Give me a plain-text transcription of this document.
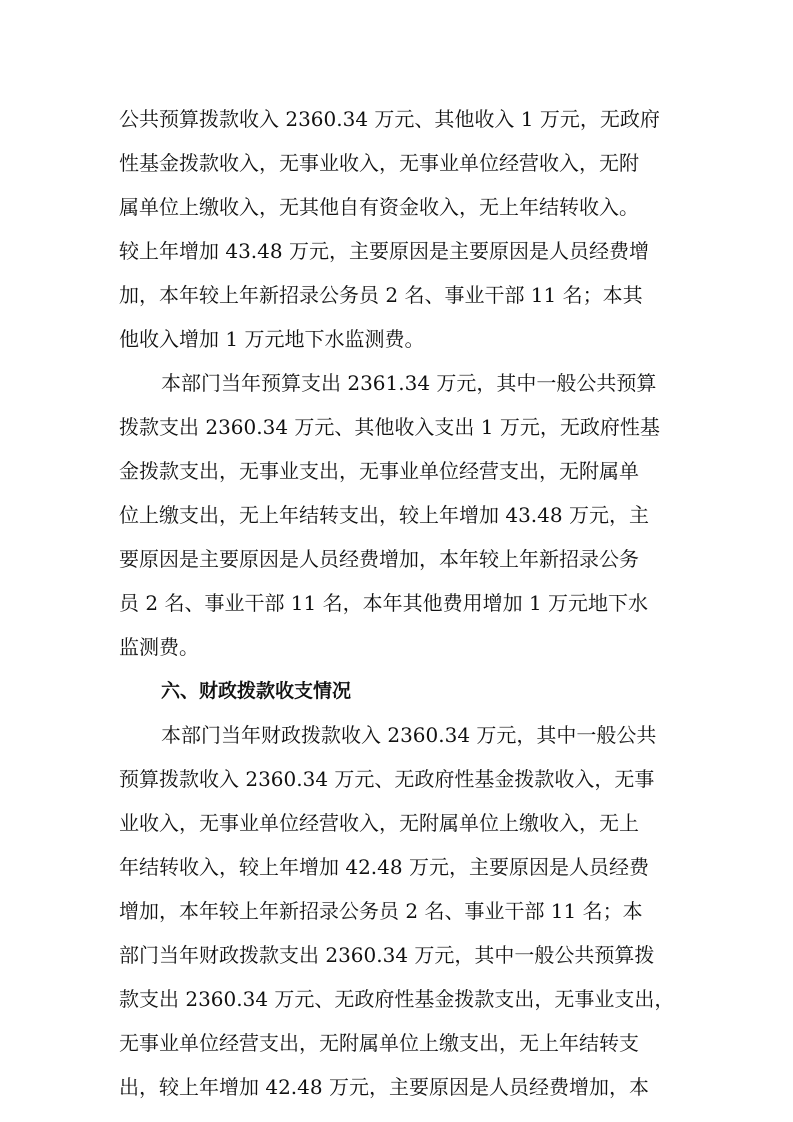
公共预算拨款收入 2360.34 万元、其他收入 1 万元，无政府
性基金拨款收入，无事业收入，无事业单位经营收入，无附
属单位上缴收入，无其他自有资金收入，无上年结转收入。
较上年增加 43.48 万元，主要原因是主要原因是人员经费增
加，本年较上年新招录公务员 2 名、事业干部 11 名；本其
他收入增加 1 万元地下水监测费。
本部门当年预算支出 2361.34 万元，其中一般公共预算
拨款支出 2360.34 万元、其他收入支出 1 万元，无政府性基
金拨款支出，无事业支出，无事业单位经营支出，无附属单
位上缴支出，无上年结转支出，较上年增加 43.48 万元，主
要原因是主要原因是人员经费增加，本年较上年新招录公务
员 2 名、事业干部 11 名，本年其他费用增加 1 万元地下水
监测费。
六、财政拨款收支情况
本部门当年财政拨款收入 2360.34 万元，其中一般公共
预算拨款收入 2360.34 万元、无政府性基金拨款收入，无事
业收入，无事业单位经营收入，无附属单位上缴收入，无上
年结转收入，较上年增加 42.48 万元，主要原因是人员经费
增加，本年较上年新招录公务员 2 名、事业干部 11 名；本
部门当年财政拨款支出 2360.34 万元，其中一般公共预算拨
款支出 2360.34 万元、无政府性基金拨款支出，无事业支出，
无事业单位经营支出，无附属单位上缴支出，无上年结转支
出，较上年增加 42.48 万元，主要原因是人员经费增加，本
